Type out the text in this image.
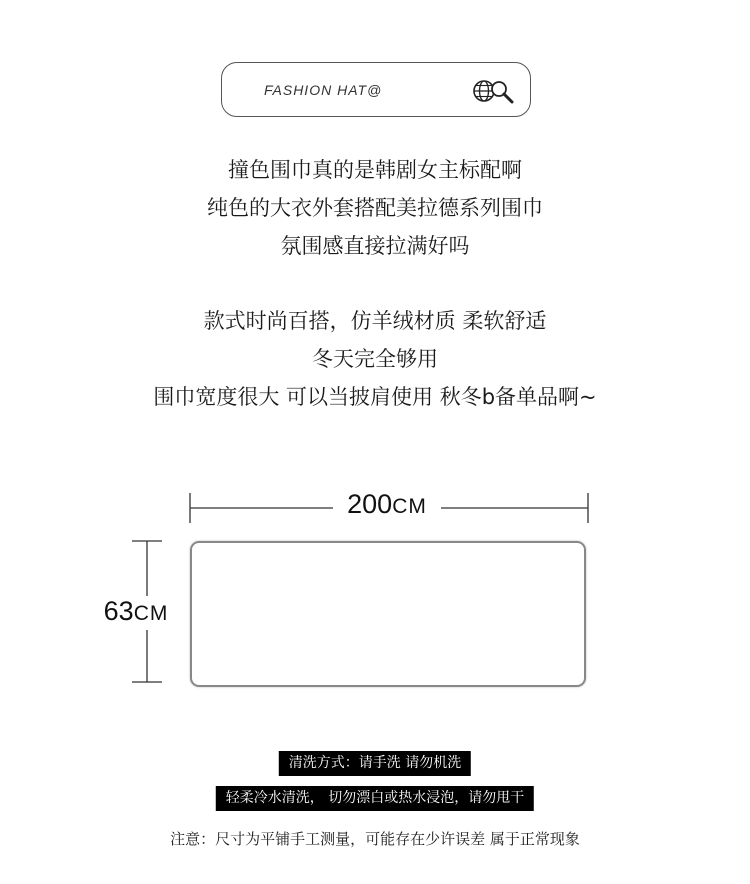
FASHION HAT@
撞色围巾真的是韩剧女主标配啊
纯色的大衣外套搭配美拉德系列围巾
氛围感直接拉满好吗
款式时尚百搭，仿羊绒材质 柔软舒适
冬天完全够用
围巾宽度很大 可以当披肩使用 秋冬b备单品啊~
200CM
63CM
清洗方式：请手洗 请勿机洗
轻柔冷水清洗， 切勿漂白或热水浸泡，请勿甩干
注意：尺寸为平铺手工测量，可能存在少许误差 属于正常现象
